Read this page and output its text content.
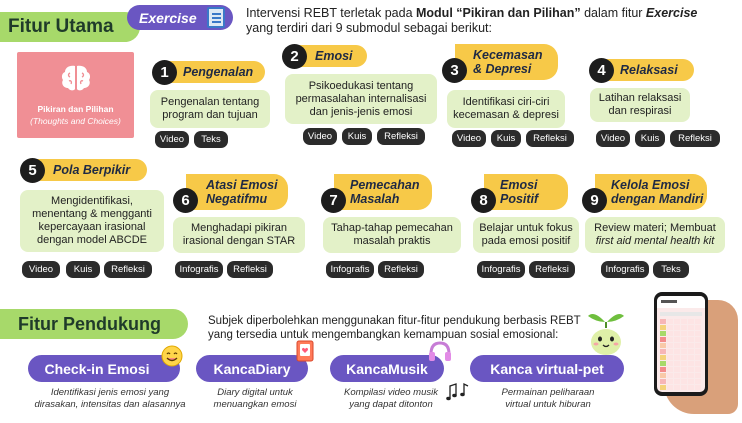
Fitur Utama Exercise	Intervensi REBT terletak pada Modul “Pikiran dan Pilihan” dalam fitur Exercise yang terdiri dari 9 submodul sebagai berikut:
Pikiran dan Pilihan
(Thoughts and Choices)
1	Pengenalan
Pengenalan tentang program dan tujuan
Video	Teks
2	Emosi
Psikoedukasi tentang permasalahan internalisasi dan jenis-jenis emosi
Video	Kuis	Refleksi
3
Kecemasan
& Depresi
Identifikasi ciri-ciri kecemasan & depresi
Video	Kuis	Refleksi
4	Relaksasi
Latihan relaksasi dan respirasi
Video	Kuis	Refleksi
5	Pola Berpikir
Mengidentifikasi, menentang & mengganti kepercayaan irasional dengan model ABCDE
Video	Kuis	Refleksi
6
Atasi Emosi
Negatifmu
Menghadapi pikiran irasional dengan STAR
Infografis	Refleksi
7
Pemecahan
Masalah
Tahap-tahap pemecahan masalah praktis
Infografis	Refleksi
8
Emosi
Positif
Belajar untuk fokus pada emosi positif
Infografis	Refleksi
9
Kelola Emosi
dengan Mandiri
Review materi; Membuat
first aid mental health kit
Infografis	Teks
Fitur Pendukung	Subjek diperbolehkan menggunakan fitur-fitur pendukung berbasis REBT yang tersedia untuk mengembangkan kemampuan sosial emosional:
Check-in Emosi
Identifikasi jenis emosi yang
dirasakan, intensitas dan alasannya
KancaDiary
Diary digital untuk
menuangkan emosi
KancaMusik
Kompilasi video musik
yang dapat ditonton
Kanca virtual-pet
Permainan peliharaan
virtual untuk hiburan
